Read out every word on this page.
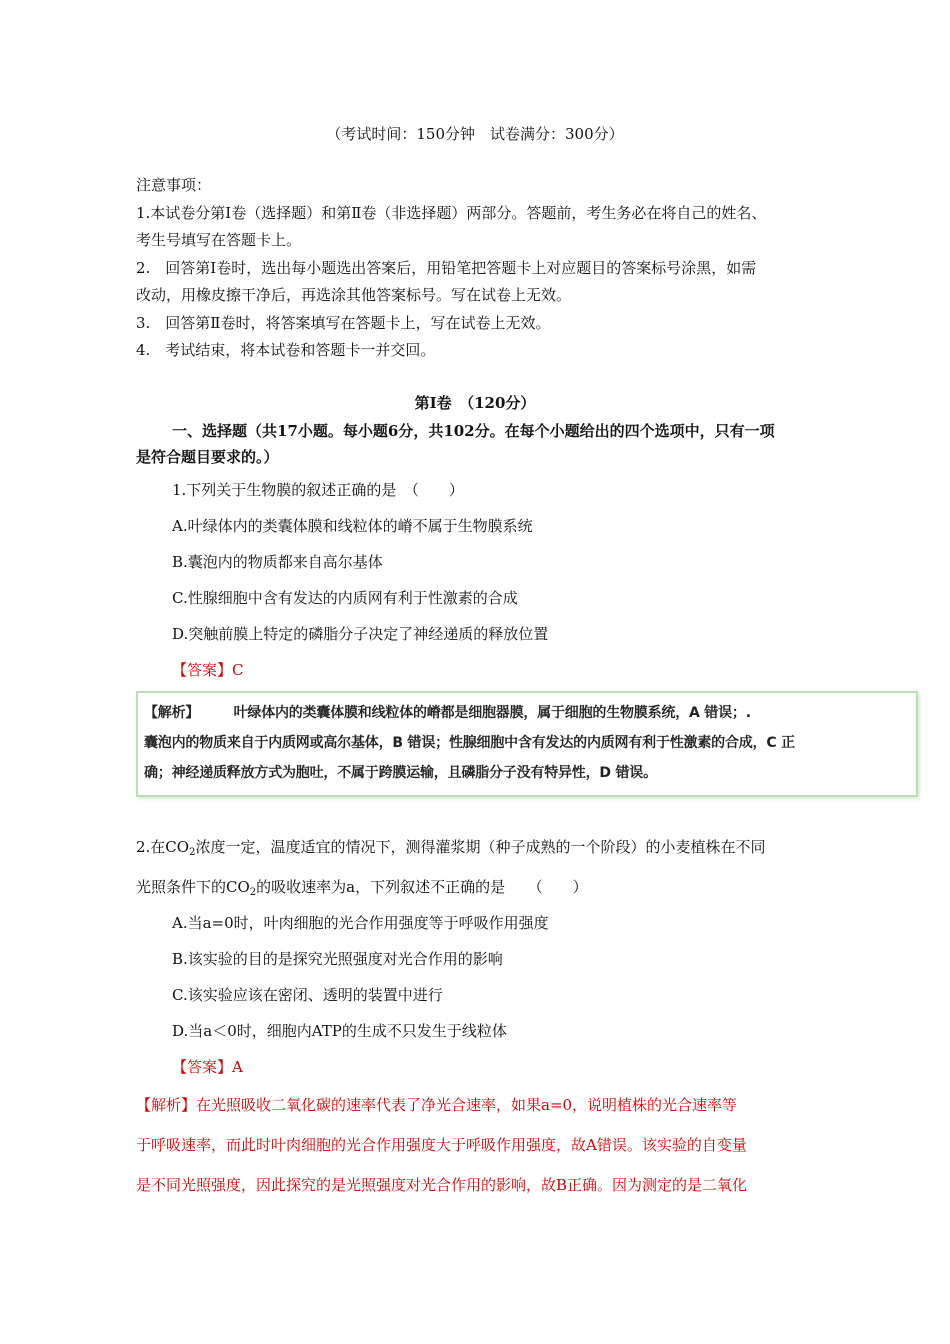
（考试时间：150分钟　试卷满分：300分）
注意事项：
1.本试卷分第Ⅰ卷（选择题）和第Ⅱ卷（非选择题）两部分。答题前，考生务必在将自己的姓名、
考生号填写在答题卡上。
2.　回答第Ⅰ卷时，选出每小题选出答案后，用铅笔把答题卡上对应题目的答案标号涂黑，如需
改动，用橡皮擦干净后，再选涂其他答案标号。写在试卷上无效。
3.　回答第Ⅱ卷时，将答案填写在答题卡上，写在试卷上无效。
4.　考试结束，将本试卷和答题卡一并交回。
第Ⅰ卷　（120分）
一、选择题（共17小题。每小题6分，共102分。在每个小题给出的四个选项中，只有一项
是符合题目要求的。）
1.下列关于生物膜的叙述正确的是　（　　）
A.叶绿体内的类囊体膜和线粒体的嵴不属于生物膜系统
B.囊泡内的物质都来自高尔基体
C.性腺细胞中含有发达的内质网有利于性激素的合成
D.突触前膜上特定的磷脂分子决定了神经递质的释放位置
【答案】C
【解析】　　　叶绿体内的类囊体膜和线粒体的嵴都是细胞器膜，属于细胞的生物膜系统，A 错误；.
囊泡内的物质来自于内质网或高尔基体，B 错误；性腺细胞中含有发达的内质网有利于性激素的合成，C 正
确；神经递质释放方式为胞吐，不属于跨膜运输，且磷脂分子没有特异性，D 错误。
2.在$CO_2$浓度一定，温度适宜的情况下，测得灌浆期（种子成熟的一个阶段）的小麦植株在不同
光照条件下的$CO_2$的吸收速率为a，下列叙述不正确的是　　（　　）
A.当a=0时，叶肉细胞的光合作用强度等于呼吸作用强度
B.该实验的目的是探究光照强度对光合作用的影响
C.该实验应该在密闭、透明的装置中进行
D.当a＜0时，细胞内ATP的生成不只发生于线粒体
【答案】A
【解析】在光照吸收二氧化碳的速率代表了净光合速率，如果a=0，说明植株的光合速率等
于呼吸速率，而此时叶肉细胞的光合作用强度大于呼吸作用强度，故A错误。该实验的自变量
是不同光照强度，因此探究的是光照强度对光合作用的影响，故B正确。因为测定的是二氧化
